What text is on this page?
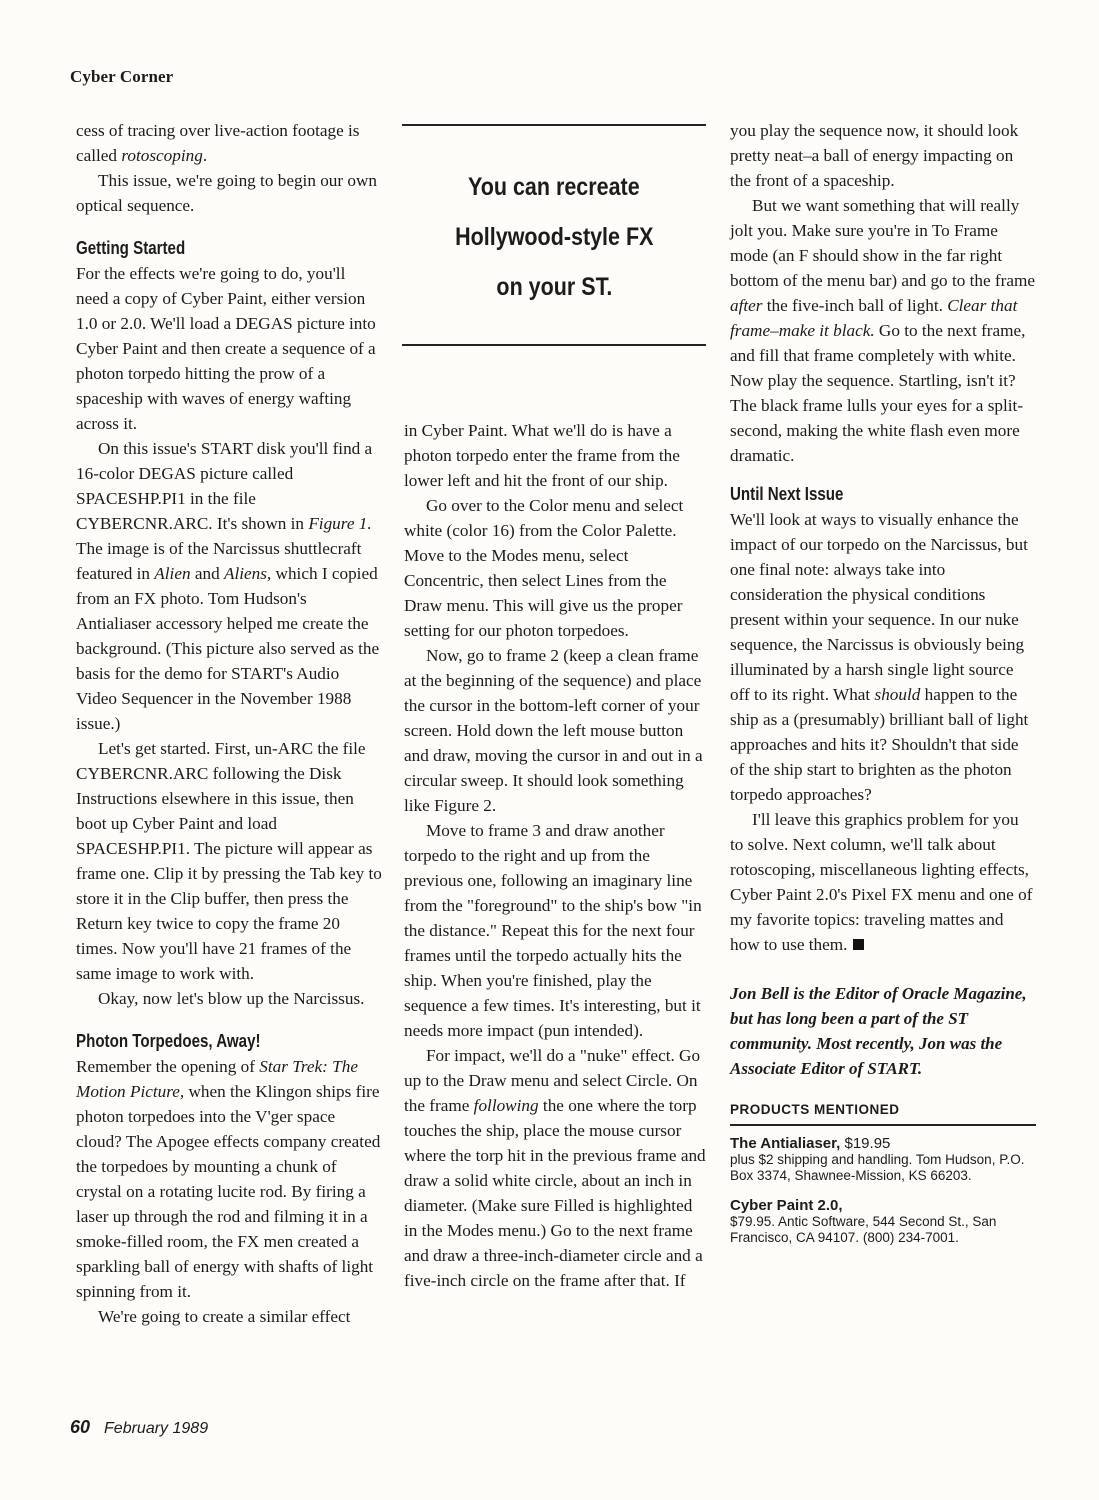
Cyber Corner

cess of tracing over live-action footage is called rotoscoping.

This issue, we're going to begin our own optical sequence.

Getting Started

For the effects we're going to do, you'll need a copy of Cyber Paint, either version 1.0 or 2.0. We'll load a DEGAS picture into Cyber Paint and then create a sequence of a photon torpedo hitting the prow of a spaceship with waves of energy wafting across it.

On this issue's START disk you'll find a 16-color DEGAS picture called SPACESHP.PI1 in the file CYBERCNR.ARC. It's shown in Figure 1. The image is of the Narcissus shuttlecraft featured in Alien and Aliens, which I copied from an FX photo. Tom Hudson's Antialiaser accessory helped me create the background. (This picture also served as the basis for the demo for START's Audio Video Sequencer in the November 1988 issue.)

Let's get started. First, un-ARC the file CYBERCNR.ARC following the Disk Instructions elsewhere in this issue, then boot up Cyber Paint and load SPACESHP.PI1. The picture will appear as frame one. Clip it by pressing the Tab key to store it in the Clip buffer, then press the Return key twice to copy the frame 20 times. Now you'll have 21 frames of the same image to work with.

Okay, now let's blow up the Narcissus.

Photon Torpedoes, Away!

Remember the opening of Star Trek: The Motion Picture, when the Klingon ships fire photon torpedoes into the V'ger space cloud? The Apogee effects company created the torpedoes by mounting a chunk of crystal on a rotating lucite rod. By firing a laser up through the rod and filming it in a smoke-filled room, the FX men created a sparkling ball of energy with shafts of light spinning from it.

We're going to create a similar effect

You can recreate
Hollywood-style FX
on your ST.

in Cyber Paint. What we'll do is have a photon torpedo enter the frame from the lower left and hit the front of our ship.

Go over to the Color menu and select white (color 16) from the Color Palette. Move to the Modes menu, select Concentric, then select Lines from the Draw menu. This will give us the proper setting for our photon torpedoes.

Now, go to frame 2 (keep a clean frame at the beginning of the sequence) and place the cursor in the bottom-left corner of your screen. Hold down the left mouse button and draw, moving the cursor in and out in a circular sweep. It should look something like Figure 2.

Move to frame 3 and draw another torpedo to the right and up from the previous one, following an imaginary line from the "foreground" to the ship's bow "in the distance." Repeat this for the next four frames until the torpedo actually hits the ship. When you're finished, play the sequence a few times. It's interesting, but it needs more impact (pun intended).

For impact, we'll do a "nuke" effect. Go up to the Draw menu and select Circle. On the frame following the one where the torp touches the ship, place the mouse cursor where the torp hit in the previous frame and draw a solid white circle, about an inch in diameter. (Make sure Filled is highlighted in the Modes menu.) Go to the next frame and draw a three-inch-diameter circle and a five-inch circle on the frame after that. If

you play the sequence now, it should look pretty neat–a ball of energy impacting on the front of a spaceship.

But we want something that will really jolt you. Make sure you're in To Frame mode (an F should show in the far right bottom of the menu bar) and go to the frame after the five-inch ball of light. Clear that frame–make it black. Go to the next frame, and fill that frame completely with white. Now play the sequence. Startling, isn't it? The black frame lulls your eyes for a split-second, making the white flash even more dramatic.

Until Next Issue

We'll look at ways to visually enhance the impact of our torpedo on the Narcissus, but one final note: always take into consideration the physical conditions present within your sequence. In our nuke sequence, the Narcissus is obviously being illuminated by a harsh single light source off to its right. What should happen to the ship as a (presumably) brilliant ball of light approaches and hits it? Shouldn't that side of the ship start to brighten as the photon torpedo approaches?

I'll leave this graphics problem for you to solve. Next column, we'll talk about rotoscoping, miscellaneous lighting effects, Cyber Paint 2.0's Pixel FX menu and one of my favorite topics: traveling mattes and how to use them.

Jon Bell is the Editor of Oracle Magazine, but has long been a part of the ST community. Most recently, Jon was the Associate Editor of START.
PRODUCTS MENTIONED
The Antialiaser, $19.95
plus $2 shipping and handling. Tom Hudson, P.O. Box 3374, Shawnee-Mission, KS 66203.
Cyber Paint 2.0,
$79.95. Antic Software, 544 Second St., San Francisco, CA 94107. (800) 234-7001.
60 February 1989
